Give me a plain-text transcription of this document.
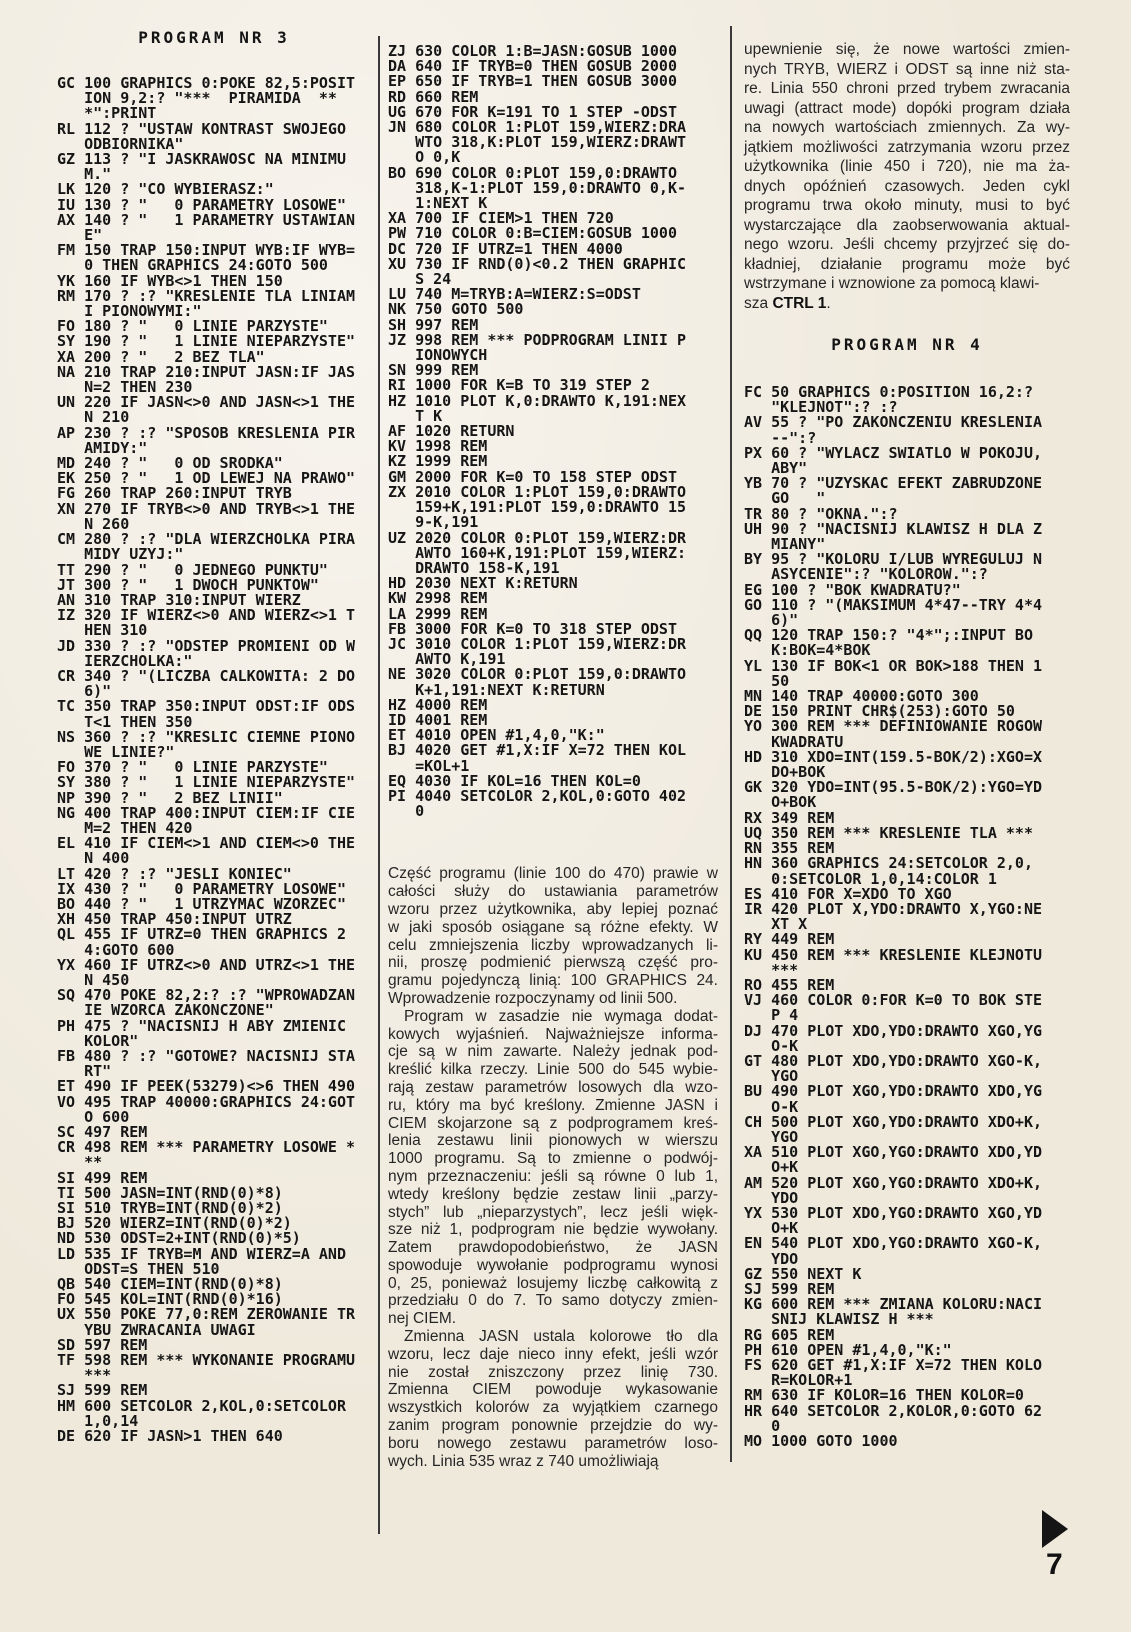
PROGRAM NR 3
GC 100 GRAPHICS 0:POKE 82,5:POSITION 9,2:? "***  PIRAMIDA  ***":PRINT
RL 112 ? "USTAW KONTRAST SWOJEGO ODBIORNIKA"
GZ 113 ? "I JASKRAWOSC NA MINIMUM."
LK 120 ? "CO WYBIERASZ:"
IU 130 ? "   0 PARAMETRY LOSOWE"
AX 140 ? "   1 PARAMETRY USTAWIANE"
FM 150 TRAP 150:INPUT WYB:IF WYB=0 THEN GRAPHICS 24:GOTO 500
YK 160 IF WYB<>1 THEN 150
RM 170 ? :? "KRESLENIE TLA LINIAMI PIONOWYMI:"
FO 180 ? "   0 LINIE PARZYSTE"
SY 190 ? "   1 LINIE NIEPARZYSTE"
XA 200 ? "   2 BEZ TLA"
NA 210 TRAP 210:INPUT JASN:IF JASN=2 THEN 230
UN 220 IF JASN<>0 AND JASN<>1 THEN 210
AP 230 ? :? "SPOSOB KRESLENIA PIRAMIDY:"
MD 240 ? "   0 OD SRODKA"
EK 250 ? "   1 OD LEWEJ NA PRAWO"
FG 260 TRAP 260:INPUT TRYB
XN 270 IF TRYB<>0 AND TRYB<>1 THEN 260
CM 280 ? :? "DLA WIERZCHOLKA PIRAMIDY UZYJ:"
TT 290 ? "   0 JEDNEGO PUNKTU"
JT 300 ? "   1 DWOCH PUNKTOW"
AN 310 TRAP 310:INPUT WIERZ
IZ 320 IF WIERZ<>0 AND WIERZ<>1 THEN 310
JD 330 ? :? "ODSTEP PROMIENI OD WIERZCHOLKA:"
CR 340 ? "(LICZBA CALKOWITA: 2 DO 6)"
TC 350 TRAP 350:INPUT ODST:IF ODST<1 THEN 350
NS 360 ? :? "KRESLIC CIEMNE PIONOWE LINIE?"
FO 370 ? "   0 LINIE PARZYSTE"
SY 380 ? "   1 LINIE NIEPARZYSTE"
NP 390 ? "   2 BEZ LINII"
NG 400 TRAP 400:INPUT CIEM:IF CIEM=2 THEN 420
EL 410 IF CIEM<>1 AND CIEM<>0 THEN 400
LT 420 ? :? "JESLI KONIEC"
IX 430 ? "   0 PARAMETRY LOSOWE"
BO 440 ? "   1 UTRZYMAC WZORZEC"
XH 450 TRAP 450:INPUT UTRZ
QL 455 IF UTRZ=0 THEN GRAPHICS 24:GOTO 600
YX 460 IF UTRZ<>0 AND UTRZ<>1 THEN 450
SQ 470 POKE 82,2:? :? "WPROWADZANIE WZORCA ZAKONCZONE"
PH 475 ? "NACISNIJ H ABY ZMIENIC KOLOR"
FB 480 ? :? "GOTOWE? NACISNIJ START"
ET 490 IF PEEK(53279)<>6 THEN 490
VO 495 TRAP 40000:GRAPHICS 24:GOTO 600
SC 497 REM
CR 498 REM *** PARAMETRY LOSOWE ***
SI 499 REM
TI 500 JASN=INT(RND(0)*8)
SI 510 TRYB=INT(RND(0)*2)
BJ 520 WIERZ=INT(RND(0)*2)
ND 530 ODST=2+INT(RND(0)*5)
LD 535 IF TRYB=M AND WIERZ=A AND ODST=S THEN 510
QB 540 CIEM=INT(RND(0)*8)
FO 545 KOL=INT(RND(0)*16)
UX 550 POKE 77,0:REM ZEROWANIE TRYBU ZWRACANIA UWAGI
SD 597 REM
TF 598 REM *** WYKONANIE PROGRAMU ***
SJ 599 REM
HM 600 SETCOLOR 2,KOL,0:SETCOLOR 1,0,14
DE 620 IF JASN>1 THEN 640
ZJ 630 COLOR 1:B=JASN:GOSUB 1000
DA 640 IF TRYB=0 THEN GOSUB 2000
EP 650 IF TRYB=1 THEN GOSUB 3000
RD 660 REM
UG 670 FOR K=191 TO 1 STEP -ODST
JN 680 COLOR 1:PLOT 159,WIERZ:DRAWTO 318,K:PLOT 159,WIERZ:DRAWTO 0,K
BO 690 COLOR 0:PLOT 159,0:DRAWTO 318,K-1:PLOT 159,0:DRAWTO 0,K-1:NEXT K
XA 700 IF CIEM>1 THEN 720
PW 710 COLOR 0:B=CIEM:GOSUB 1000
DC 720 IF UTRZ=1 THEN 4000
XU 730 IF RND(0)<0.2 THEN GRAPHICS 24
LU 740 M=TRYB:A=WIERZ:S=ODST
NK 750 GOTO 500
SH 997 REM
JZ 998 REM *** PODPROGRAM LINII PIONOWYCH
SN 999 REM
RI 1000 FOR K=B TO 319 STEP 2
HZ 1010 PLOT K,0:DRAWTO K,191:NEXT K
AF 1020 RETURN
KV 1998 REM
KZ 1999 REM
GM 2000 FOR K=0 TO 158 STEP ODST
ZX 2010 COLOR 1:PLOT 159,0:DRAWTO 159+K,191:PLOT 159,0:DRAWTO 159-K,191
UZ 2020 COLOR 0:PLOT 159,WIERZ:DRAWTO 160+K,191:PLOT 159,WIERZ:DRAWTO 158-K,191
HD 2030 NEXT K:RETURN
KW 2998 REM
LA 2999 REM
FB 3000 FOR K=0 TO 318 STEP ODST
JC 3010 COLOR 1:PLOT 159,WIERZ:DRAWTO K,191
NE 3020 COLOR 0:PLOT 159,0:DRAWTO K+1,191:NEXT K:RETURN
HZ 4000 REM
ID 4001 REM
ET 4010 OPEN #1,4,0,"K:"
BJ 4020 GET #1,X:IF X=72 THEN KOL=KOL+1
EQ 4030 IF KOL=16 THEN KOL=0
PI 4040 SETCOLOR 2,KOL,0:GOTO 4020
Część programu (linie 100 do 470) prawie w
całości służy do ustawiania parametrów
wzoru przez użytkownika, aby lepiej poznać
w jaki sposób osiągane są różne efekty. W
celu zmniejszenia liczby wprowadzanych li-
nii, proszę podmienić pierwszą część pro-
gramu pojedynczą linią: 100 GRAPHICS 24.
Wprowadzenie rozpoczynamy od linii 500.
Program w zasadzie nie wymaga dodat-
kowych wyjaśnień. Najważniejsze informa-
cje są w nim zawarte. Należy jednak pod-
kreślić kilka rzeczy. Linie 500 do 545 wybie-
rają zestaw parametrów losowych dla wzo-
ru, który ma być kreślony. Zmienne JASN i
CIEM skojarzone są z podprogramem kreś-
lenia zestawu linii pionowych w wierszu
1000 programu. Są to zmienne o podwój-
nym przeznaczeniu: jeśli są równe 0 lub 1,
wtedy kreślony będzie zestaw linii „parzy-
stych” lub „nieparzystych”, lecz jeśli więk-
sze niż 1, podprogram nie będzie wywołany.
Zatem prawdopodobieństwo, że JASN
spowoduje wywołanie podprogramu wynosi
0, 25, ponieważ losujemy liczbę całkowitą z
przedziału 0 do 7. To samo dotyczy zmien-
nej CIEM.
Zmienna JASN ustala kolorowe tło dla
wzoru, lecz daje nieco inny efekt, jeśli wzór
nie został zniszczony przez linię 730.
Zmienna CIEM powoduje wykasowanie
wszystkich kolorów za wyjątkiem czarnego
zanim program ponownie przejdzie do wy-
boru nowego zestawu parametrów loso-
wych. Linia 535 wraz z 740 umożliwiają
upewnienie się, że nowe wartości zmien-
nych TRYB, WIERZ i ODST są inne niż sta-
re. Linia 550 chroni przed trybem zwracania
uwagi (attract mode) dopóki program działa
na nowych wartościach zmiennych. Za wy-
jątkiem możliwości zatrzymania wzoru przez
użytkownika (linie 450 i 720), nie ma ża-
dnych opóźnień czasowych. Jeden cykl
programu trwa około minuty, musi to być
wystarczające dla zaobserwowania aktual-
nego wzoru. Jeśli chcemy przyjrzeć się do-
kładniej, działanie programu może być
wstrzymane i wznowione za pomocą klawi-
sza CTRL 1.
PROGRAM NR 4
FC 50 GRAPHICS 0:POSITION 16,2:? "KLEJNOT":? :?
AV 55 ? "PO ZAKONCZENIU KRESLENIA --":?
PX 60 ? "WYLACZ SWIATLO W POKOJU, ABY"
YB 70 ? "UZYSKAC EFEKT ZABRUDZONEGO   "
TR 80 ? "OKNA.":?
UH 90 ? "NACISNIJ KLAWISZ H DLA ZMIANY"
BY 95 ? "KOLORU I/LUB WYREGULUJ NASYCENIE":? "KOLOROW.":?
EG 100 ? "BOK KWADRATU?"
GO 110 ? "(MAKSIMUM 4*47--TRY 4*46)"
QQ 120 TRAP 150:? "4*";:INPUT BOK:BOK=4*BOK
YL 130 IF BOK<1 OR BOK>188 THEN 150
MN 140 TRAP 40000:GOTO 300
DE 150 PRINT CHR$(253):GOTO 50
YO 300 REM *** DEFINIOWANIE ROGOW KWADRATU
HD 310 XDO=INT(159.5-BOK/2):XGO=XDO+BOK
GK 320 YDO=INT(95.5-BOK/2):YGO=YDO+BOK
RX 349 REM
UQ 350 REM *** KRESLENIE TLA ***
RN 355 REM
HN 360 GRAPHICS 24:SETCOLOR 2,0,0:SETCOLOR 1,0,14:COLOR 1
ES 410 FOR X=XDO TO XGO
IR 420 PLOT X,YDO:DRAWTO X,YGO:NEXT X
RY 449 REM
KU 450 REM *** KRESLENIE KLEJNOTU ***
RO 455 REM
VJ 460 COLOR 0:FOR K=0 TO BOK STEP 4
DJ 470 PLOT XDO,YDO:DRAWTO XGO,YGO-K
GT 480 PLOT XDO,YDO:DRAWTO XGO-K,YGO
BU 490 PLOT XGO,YDO:DRAWTO XDO,YGO-K
CH 500 PLOT XGO,YDO:DRAWTO XDO+K,YGO
XA 510 PLOT XGO,YGO:DRAWTO XDO,YDO+K
AM 520 PLOT XGO,YGO:DRAWTO XDO+K,YDO
YX 530 PLOT XDO,YGO:DRAWTO XGO,YDO+K
EN 540 PLOT XDO,YGO:DRAWTO XGO-K,YDO
GZ 550 NEXT K
SJ 599 REM
KG 600 REM *** ZMIANA KOLORU:NACISNIJ KLAWISZ H ***
RG 605 REM
PH 610 OPEN #1,4,0,"K:"
FS 620 GET #1,X:IF X=72 THEN KOLOR=KOLOR+1
RM 630 IF KOLOR=16 THEN KOLOR=0
HR 640 SETCOLOR 2,KOLOR,0:GOTO 620
MO 1000 GOTO 1000
7
